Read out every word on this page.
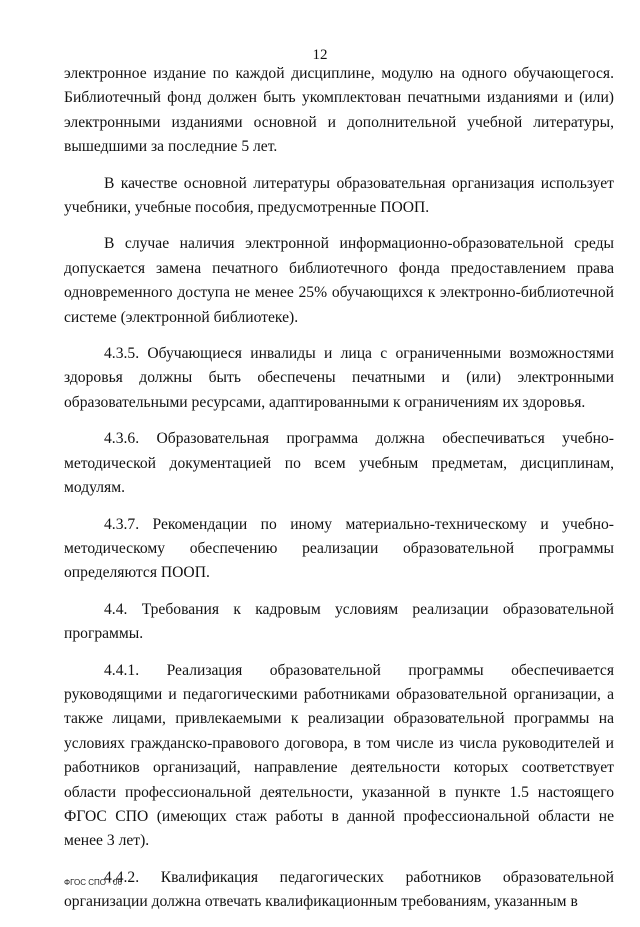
12

электронное издание по каждой дисциплине, модулю на одного обучающегося. Библиотечный фонд должен быть укомплектован печатными изданиями и (или) электронными изданиями основной и дополнительной учебной литературы, вышедшими за последние 5 лет.

В качестве основной литературы образовательная организация использует учебники, учебные пособия, предусмотренные ПООП.

В случае наличия электронной информационно-образовательной среды допускается замена печатного библиотечного фонда предоставлением права одновременного доступа не менее 25% обучающихся к электронно-библиотечной системе (электронной библиотеке).

4.3.5. Обучающиеся инвалиды и лица с ограниченными возможностями здоровья должны быть обеспечены печатными и (или) электронными образовательными ресурсами, адаптированными к ограничениям их здоровья.

4.3.6. Образовательная программа должна обеспечиваться учебно-методической документацией по всем учебным предметам, дисциплинам, модулям.

4.3.7. Рекомендации по иному материально-техническому и учебно-методическому обеспечению реализации образовательной программы определяются ПООП.

4.4. Требования к кадровым условиям реализации образовательной программы.

4.4.1. Реализация образовательной программы обеспечивается руководящими и педагогическими работниками образовательной организации, а также лицами, привлекаемыми к реализации образовательной программы на условиях гражданско-правового договора, в том числе из числа руководителей и работников организаций, направление деятельности которых соответствует области профессиональной деятельности, указанной в пункте 1.5 настоящего ФГОС СПО (имеющих стаж работы в данной профессиональной области не менее 3 лет).

4.4.2. Квалификация педагогических работников образовательной организации должна отвечать квалификационным требованиям, указанным в

ФГОС СПО - 06
